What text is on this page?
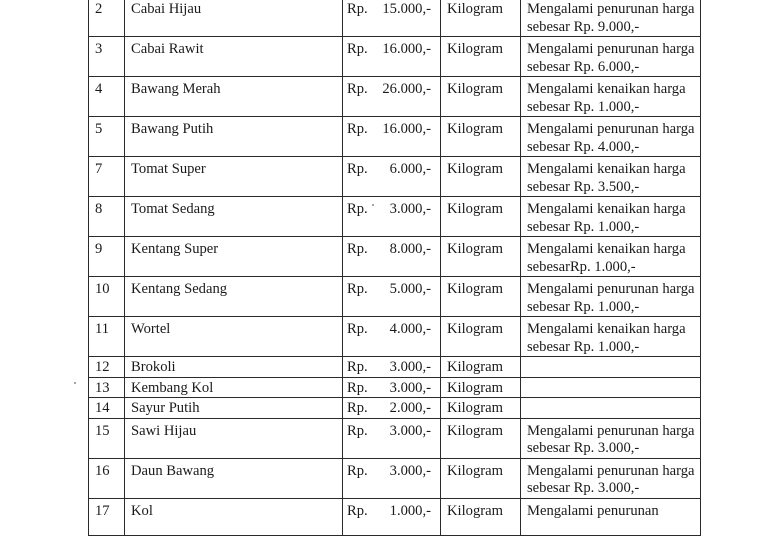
2	Cabai Hijau	Rp. 15.000,-	Kilogram	Mengalami penurunan harga sebesar Rp. 9.000,-
3	Cabai Rawit	Rp. 16.000,-	Kilogram	Mengalami penurunan harga sebesar Rp. 6.000,-
4	Bawang Merah	Rp. 26.000,-	Kilogram	Mengalami kenaikan harga sebesar Rp. 1.000,-
5	Bawang Putih	Rp. 16.000,-	Kilogram	Mengalami penurunan harga sebesar Rp. 4.000,-
7	Tomat Super	Rp. 6.000,-	Kilogram	Mengalami kenaikan harga sebesar Rp. 3.500,-
8	Tomat Sedang	Rp. 3.000,-	Kilogram	Mengalami kenaikan harga sebesar Rp. 1.000,-
9	Kentang Super	Rp. 8.000,-	Kilogram	Mengalami kenaikan harga sebesarRp. 1.000,-
10	Kentang Sedang	Rp. 5.000,-	Kilogram	Mengalami penurunan harga sebesar Rp. 1.000,-
11	Wortel	Rp. 4.000,-	Kilogram	Mengalami kenaikan harga sebesar Rp. 1.000,-
12	Brokoli	Rp. 3.000,-	Kilogram	
13	Kembang Kol	Rp. 3.000,-	Kilogram	
14	Sayur Putih	Rp. 2.000,-	Kilogram	
15	Sawi Hijau	Rp. 3.000,-	Kilogram	Mengalami penurunan harga sebesar Rp. 3.000,-
16	Daun Bawang	Rp. 3.000,-	Kilogram	Mengalami penurunan harga sebesar Rp. 3.000,-
17	Kol	Rp. 1.000,-	Kilogram	Mengalami penurunan
